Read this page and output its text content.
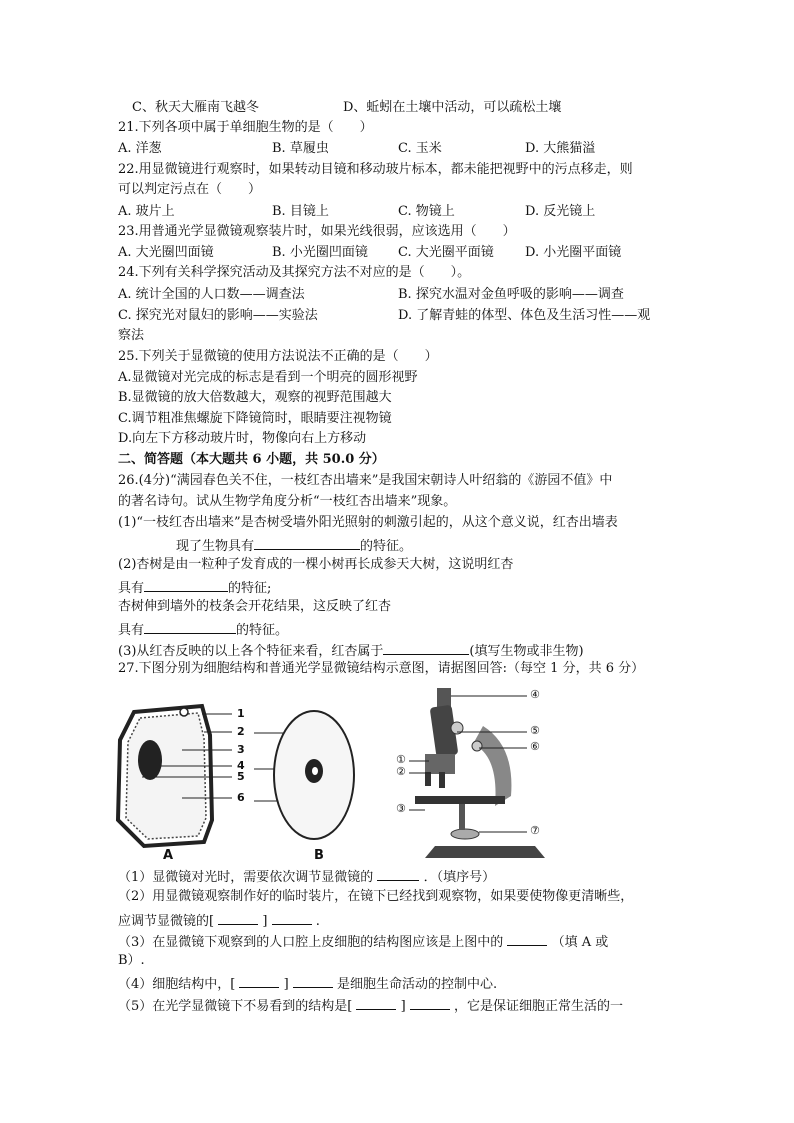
C、秋天大雁南飞越冬	D、蚯蚓在土壤中活动，可以疏松土壤
21.下列各项中属于单细胞生物的是（　　）
A. 洋葱	B. 草履虫	C. 玉米	D. 大熊猫溢
22.用显微镜进行观察时，如果转动目镜和移动玻片标本，都未能把视野中的污点移走，则
可以判定污点在（　　）
A. 玻片上	B. 目镜上	C. 物镜上	D. 反光镜上
23.用普通光学显微镜观察装片时，如果光线很弱，应该选用（　　）
A. 大光圈凹面镜	B. 小光圈凹面镜 C. 大光圈平面镜 D. 小光圈平面镜
24.下列有关科学探究活动及其探究方法不对应的是（　　）。
A. 统计全国的人口数——调查法	B. 探究水温对金鱼呼吸的影响——调查
C. 探究光对鼠妇的影响——实验法	D. 了解青蛙的体型、体色及生活习性——观
察法
25.下列关于显微镜的使用方法说法不正确的是（　　）
A.显微镜对光完成的标志是看到一个明亮的圆形视野
B.显微镜的放大倍数越大，观察的视野范围越大
C.调节粗准焦螺旋下降镜筒时，眼睛要注视物镜
D.向左下方移动玻片时，物像向右上方移动
二、简答题（本大题共 6 小题，共 50.0 分）
26.(4分)“满园春色关不住，一枝红杏出墙来”是我国宋朝诗人叶绍翁的《游园不值》中
的著名诗句。试从生物学角度分析“一枝红杏出墙来”现象。
(1)“一枝红杏出墙来”是杏树受墙外阳光照射的刺激引起的，从这个意义说，红杏出墙表
现了生物具有	的特征。
(2)杏树是由一粒种子发育成的一棵小树再长成参天大树，这说明红杏
具有	的特征;
杏树伸到墙外的枝条会开花结果，这反映了红杏
具有	的特征。
(3)从红杏反映的以上各个特征来看，红杏属于	(填写生物或非生物)
27.下图分别为细胞结构和普通光学显微镜结构示意图，请据图回答:（每空 1 分，共 6 分）
1
2
3
4
5
6
A	B
④
⑤
⑥
①
②
③
⑦
（1）显微镜对光时，需要依次调节显微镜的	．（填序号）
（2）用显微镜观察制作好的临时装片，在镜下已经找到观察物，如果要使物像更清晰些，
应调节显微镜的[	]	.
（3）在显微镜下观察到的人口腔上皮细胞的结构图应该是上图中的	（填 A 或
B）.
（4）细胞结构中，[	]	是细胞生命活动的控制中心.
（5）在光学显微镜下不易看到的结构是[	]	，它是保证细胞正常生活的一
